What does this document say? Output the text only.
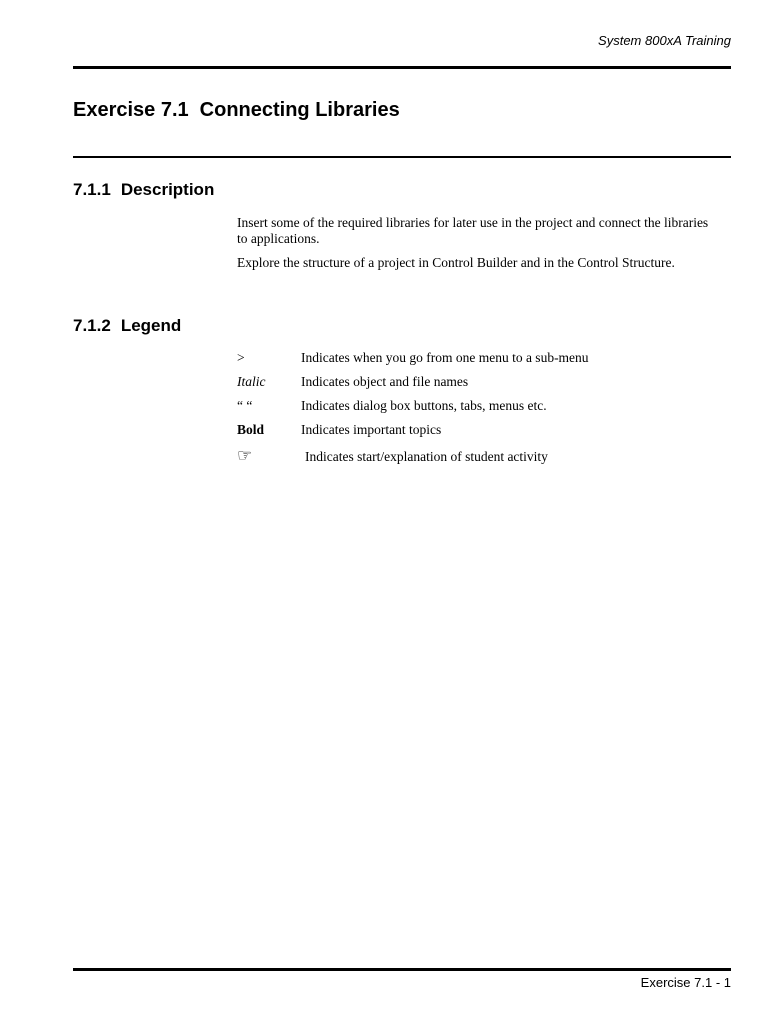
System 800xA Training
Exercise 7.1 Connecting Libraries
7.1.1 Description

Insert some of the required libraries for later use in the project and connect the libraries to applications.

Explore the structure of a project in Control Builder and in the Control Structure.

7.1.2 Legend
>	Indicates when you go from one menu to a sub-menu
Italic	Indicates object and file names
“ “	Indicates dialog box buttons, tabs, menus etc.
Bold	Indicates important topics
☞	Indicates start/explanation of student activity
Exercise 7.1 - 1
